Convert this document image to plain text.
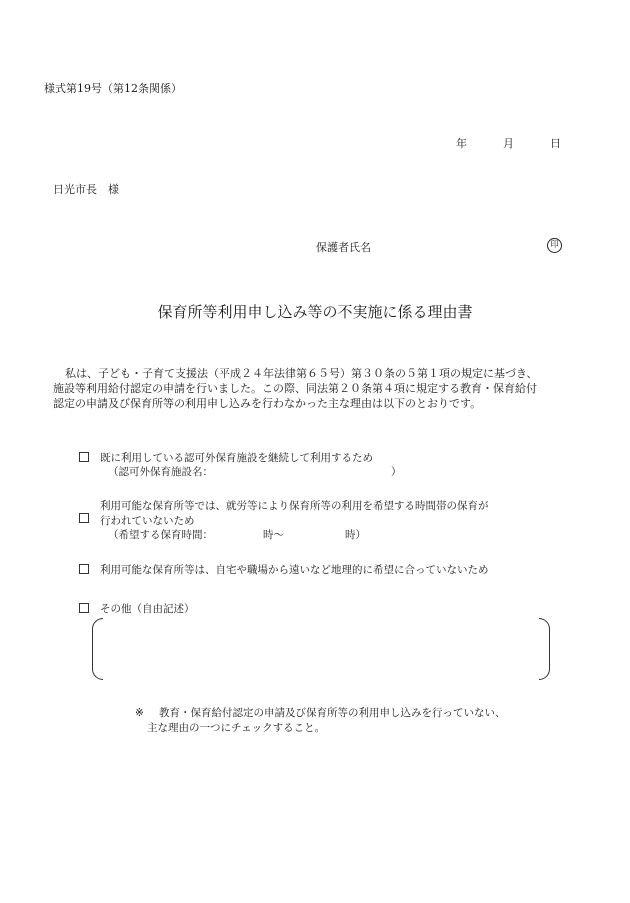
様式第19号（第12条関係）
年	月	日
日光市長　様
保護者氏名	印
保育所等利用申し込み等の不実施に係る理由書
私は、子ども・子育て支援法（平成２４年法律第６５号）第３０条の５第１項の規定に基づき、
施設等利用給付認定の申請を行いました。この際、同法第２０条第４項に規定する教育・保育給付
認定の申請及び保育所等の利用申し込みを行わなかった主な理由は以下のとおりです。
既に利用している認可外保育施設を継続して利用するため
（認可外保育施設名：	）
利用可能な保育所等では、就労等により保育所等の利用を希望する時間帯の保育が
行われていないため
（希望する保育時間：	時～	時）
利用可能な保育所等は、自宅や職場から遠いなど地理的に希望に合っていないため
その他（自由記述）
※ 教育・保育給付認定の申請及び保育所等の利用申し込みを行っていない、
主な理由の一つにチェックすること。
